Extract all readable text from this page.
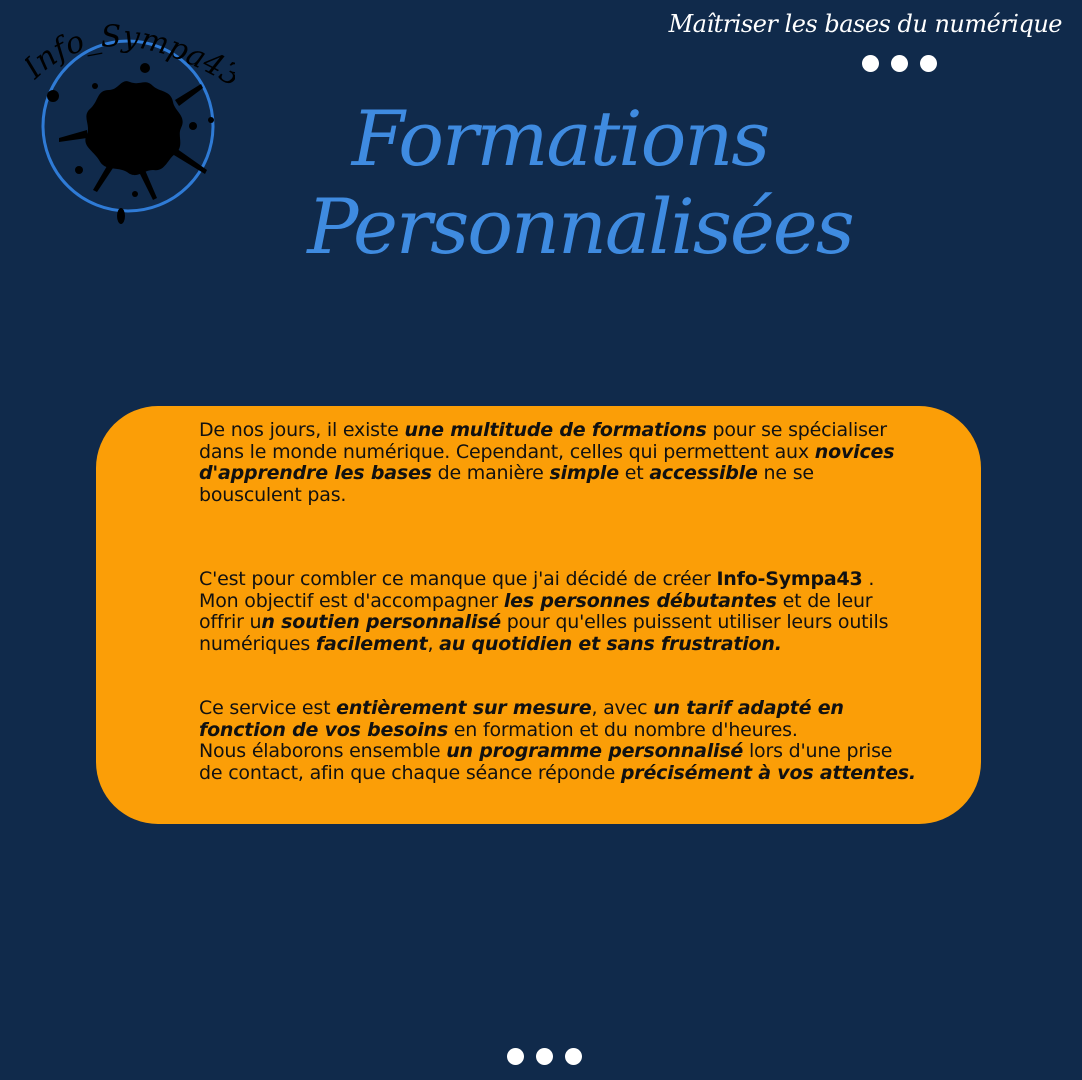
nfo_Sympa4
Maîtriser les bases du numérique
Formations
Personnalisées

De nos jours, il existe une multitude de formations pour se spécialiser dans le monde numérique. Cependant, celles qui permettent aux novices d'apprendre les bases de manière simple et accessible ne se bousculent pas.

C'est pour combler ce manque que j'ai décidé de créer Info-Sympa43 . Mon objectif est d'accompagner les personnes débutantes et de leur offrir un soutien personnalisé pour qu'elles puissent utiliser leurs outils numériques facilement, au quotidien et sans frustration.

Ce service est entièrement sur mesure, avec un tarif adapté en fonction de vos besoins en formation et du nombre d'heures.
Nous élaborons ensemble un programme personnalisé lors d'une prise de contact, afin que chaque séance réponde précisément à vos attentes.
